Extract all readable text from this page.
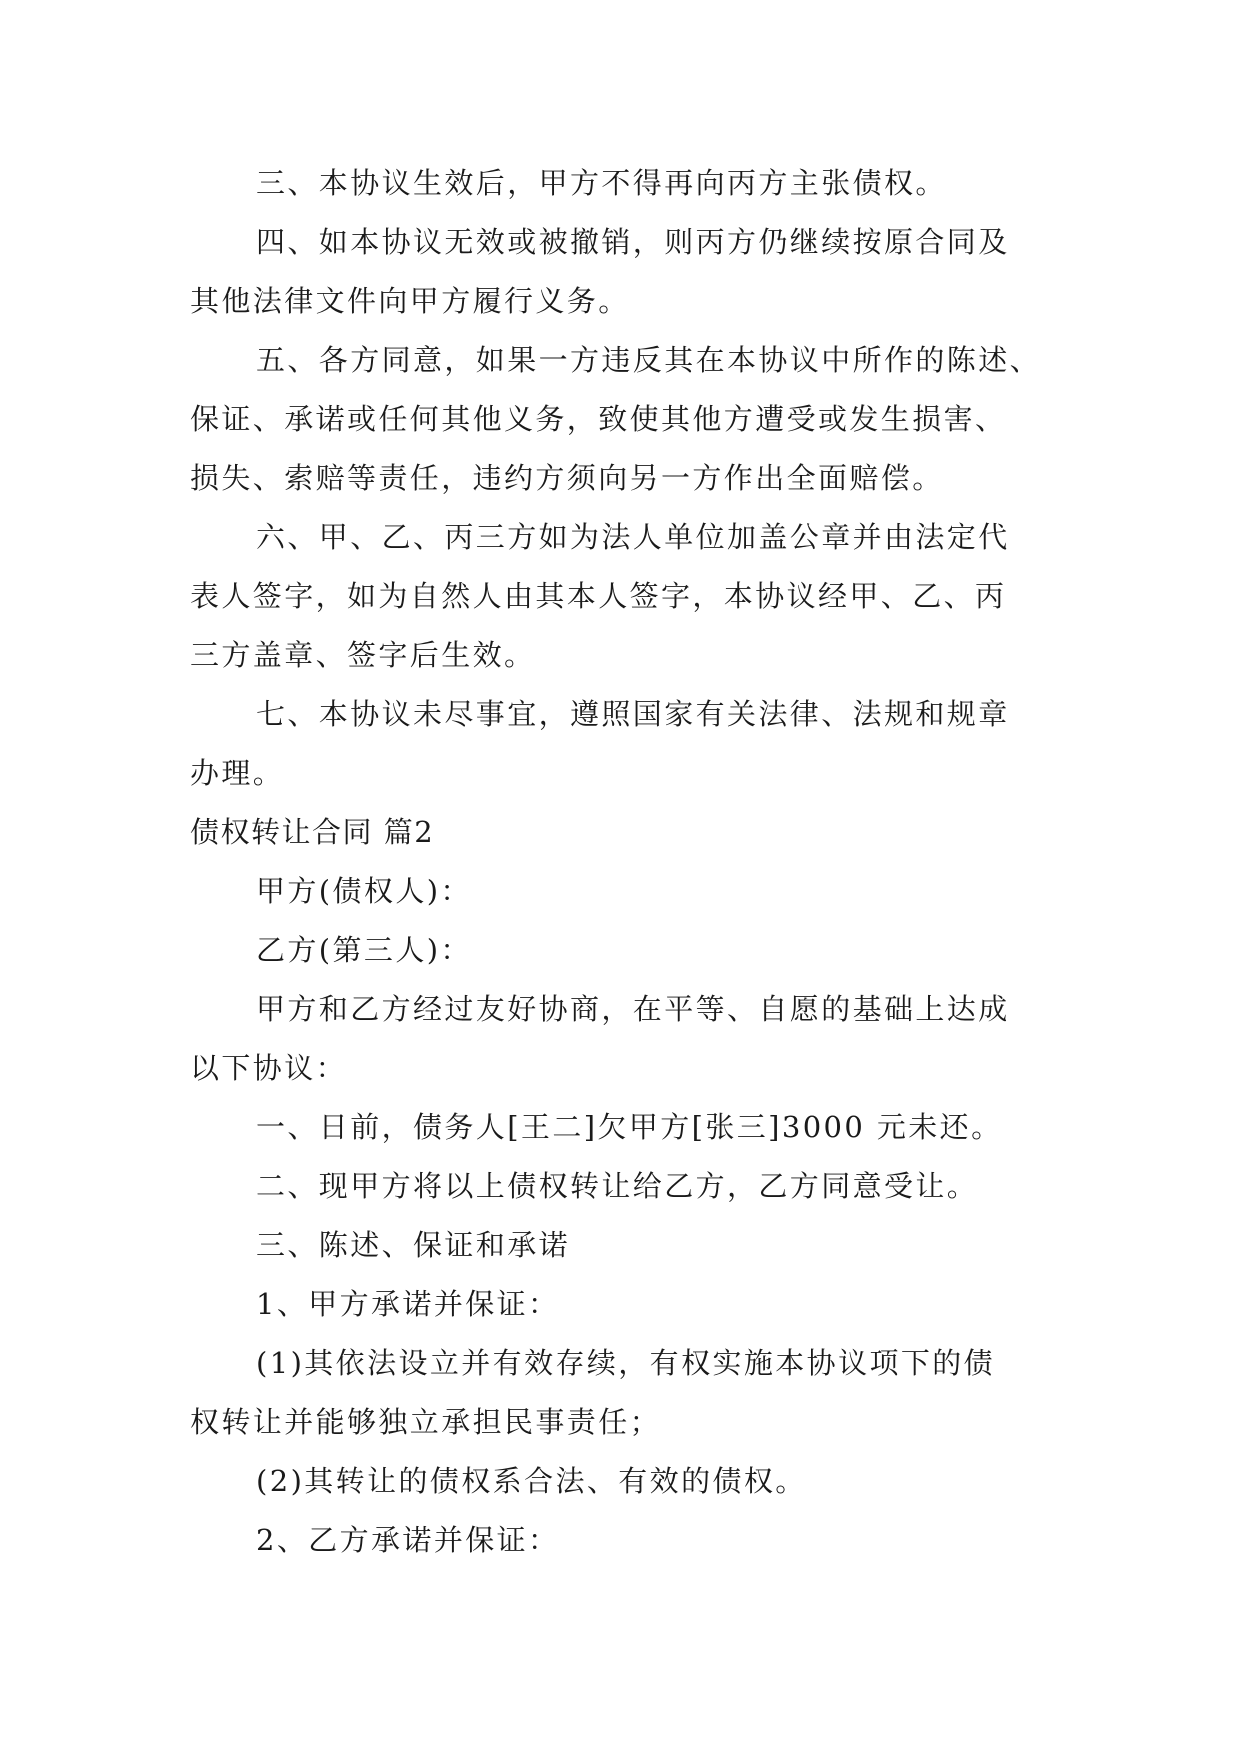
三、本协议生效后，甲方不得再向丙方主张债权。
四、如本协议无效或被撤销，则丙方仍继续按原合同及
其他法律文件向甲方履行义务。
五、各方同意，如果一方违反其在本协议中所作的陈述、
保证、承诺或任何其他义务，致使其他方遭受或发生损害、
损失、索赔等责任，违约方须向另一方作出全面赔偿。
六、甲、乙、丙三方如为法人单位加盖公章并由法定代
表人签字，如为自然人由其本人签字，本协议经甲、乙、丙
三方盖章、签字后生效。
七、本协议未尽事宜，遵照国家有关法律、法规和规章
办理。
债权转让合同 篇2
甲方(债权人)：
乙方(第三人)：
甲方和乙方经过友好协商，在平等、自愿的基础上达成
以下协议：
一、日前，债务人[王二]欠甲方[张三]3000 元未还。
二、现甲方将以上债权转让给乙方，乙方同意受让。
三、陈述、保证和承诺
1、甲方承诺并保证：
(1)其依法设立并有效存续，有权实施本协议项下的债
权转让并能够独立承担民事责任；
(2)其转让的债权系合法、有效的债权。
2、乙方承诺并保证：
